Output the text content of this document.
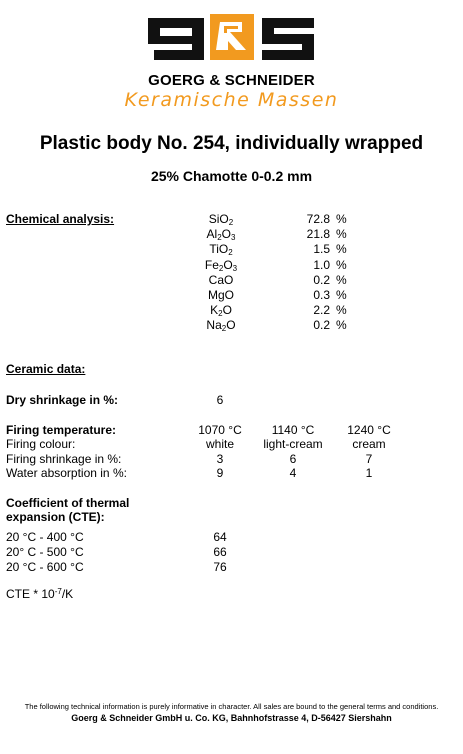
GOERG & SCHNEIDER
Keramische Massen
Plastic body No. 254, individually wrapped
25% Chamotte 0-0.2 mm
Chemical analysis:	SiO$_2$	72.8 %
$Al_2O_3$	21.8 %
TiO$_2$	1.5 %
$Fe_2O_3$	1.0 %
CaO	0.2 %
MgO	0.3 %
$K_2O$	2.2 %
$Na_2O$	0.2 %
Ceramic data:
Dry shrinkage in %:	6
Firing temperature:	1070 °C	1140 °C	1240 °C
Firing colour:	white	light-cream	cream
Firing shrinkage in %:	3	6	7
Water absorption in %:	9	4	1
Coefficient of thermal
expansion (CTE):
20 °C - 400 °C	64
20° C - 500 °C	66
20 °C - 600 °C	76
CTE * $10^{-7}/K$
The following technical information is purely informative in character. All sales are bound to the general terms and conditions.
Goerg & Schneider GmbH u. Co. KG, Bahnhofstrasse 4, D-56427 Siershahn
